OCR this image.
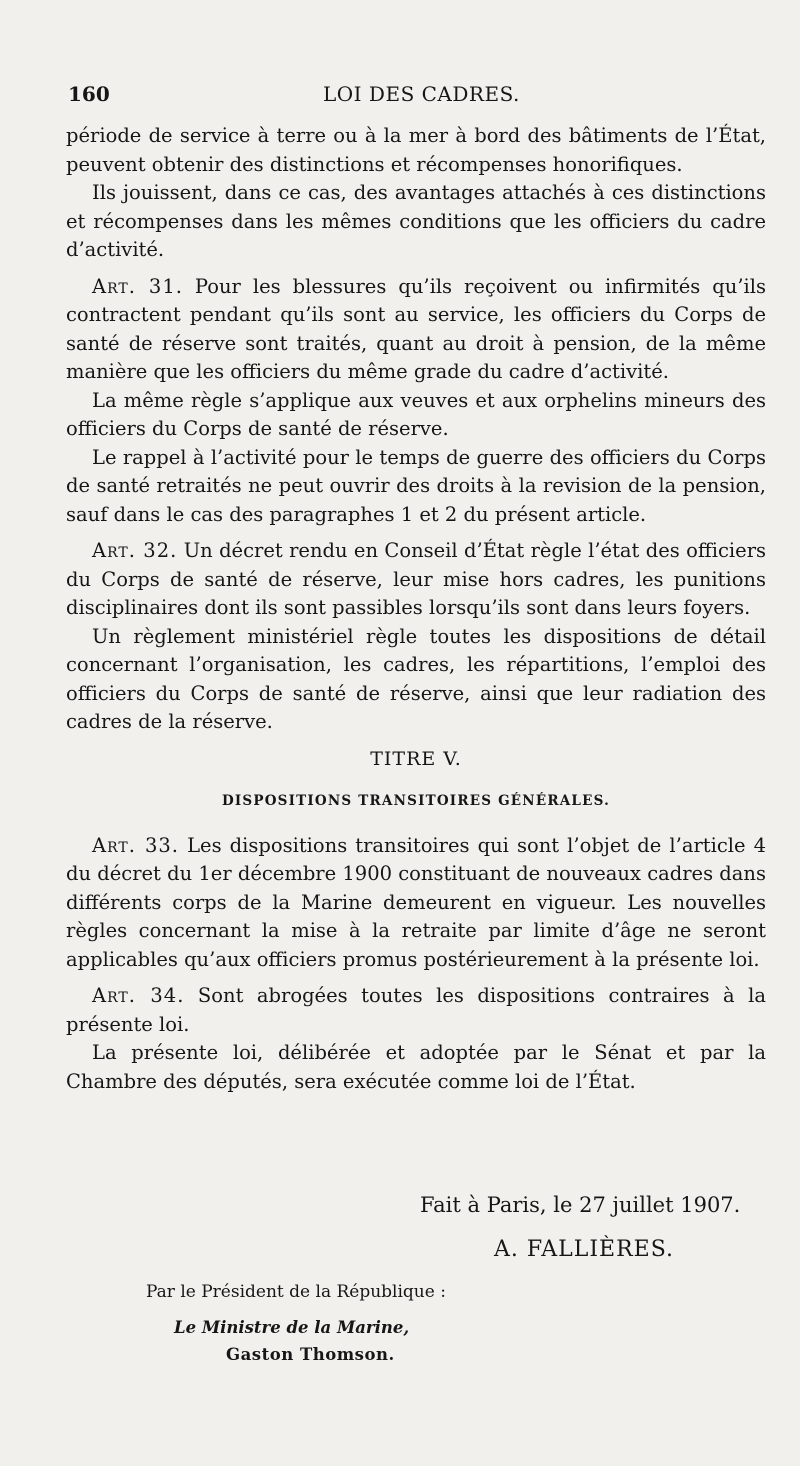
160	LOI DES CADRES.

période de service à terre ou à la mer à bord des bâtiments de l’État, peuvent obtenir des distinctions et récompenses honorifiques.

Ils jouissent, dans ce cas, des avantages attachés à ces distinctions et récompenses dans les mêmes conditions que les officiers du cadre d’activité.

Art. 31. Pour les blessures qu’ils reçoivent ou infirmités qu’ils contractent pendant qu’ils sont au service, les officiers du Corps de santé de réserve sont traités, quant au droit à pension, de la même manière que les officiers du même grade du cadre d’activité.

La même règle s’applique aux veuves et aux orphelins mineurs des officiers du Corps de santé de réserve.

Le rappel à l’activité pour le temps de guerre des officiers du Corps de santé retraités ne peut ouvrir des droits à la revision de la pension, sauf dans le cas des paragraphes 1 et 2 du présent article.

Art. 32. Un décret rendu en Conseil d’État règle l’état des officiers du Corps de santé de réserve, leur mise hors cadres, les punitions disciplinaires dont ils sont passibles lorsqu’ils sont dans leurs foyers.

Un règlement ministériel règle toutes les dispositions de détail concernant l’organisation, les cadres, les répartitions, l’emploi des officiers du Corps de santé de réserve, ainsi que leur radiation des cadres de la réserve.

TITRE V.

DISPOSITIONS TRANSITOIRES GÉNÉRALES.

Art. 33. Les dispositions transitoires qui sont l’objet de l’article 4 du décret du 1er décembre 1900 constituant de nouveaux cadres dans différents corps de la Marine demeurent en vigueur. Les nouvelles règles concernant la mise à la retraite par limite d’âge ne seront applicables qu’aux officiers promus postérieurement à la présente loi.

Art. 34. Sont abrogées toutes les dispositions contraires à la présente loi.

La présente loi, délibérée et adoptée par le Sénat et par la Chambre des députés, sera exécutée comme loi de l’État.

Fait à Paris, le 27 juillet 1907.
A. FALLIÈRES.
Par le Président de la République :
Le Ministre de la Marine,
Gaston Thomson.
